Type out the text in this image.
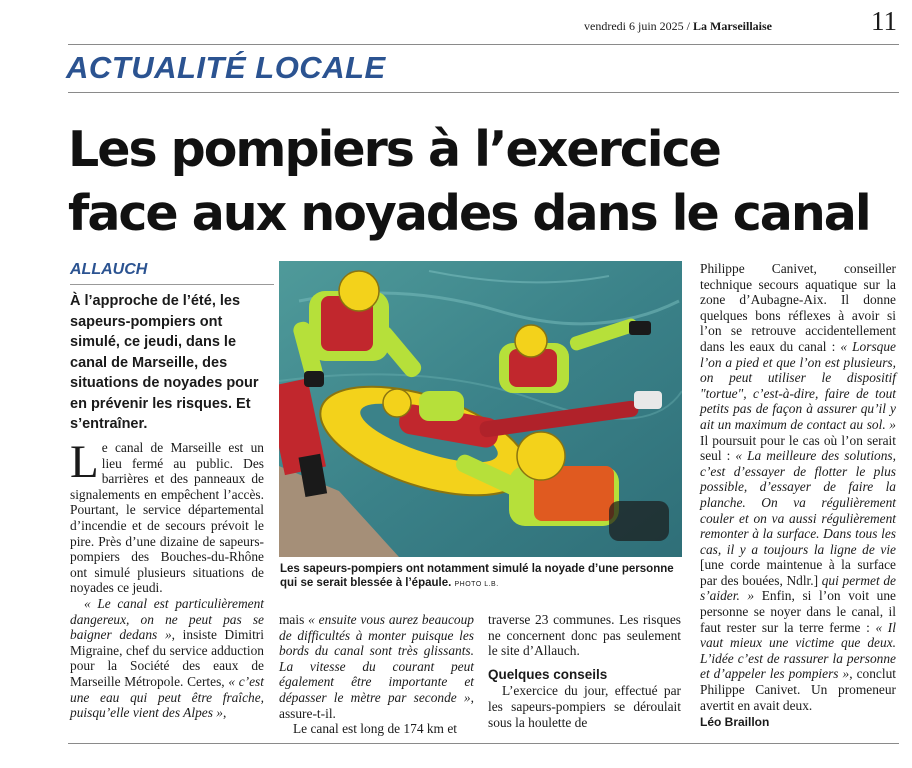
vendredi 6 juin 2025 / La Marseillaise	11
ACTUALITÉ LOCALE
Les pompiers à l’exercice
face aux noyades dans le canal
ALLAUCH
À l’approche de l’été, les sapeurs-pompiers ont simulé, ce jeudi, dans le canal de Marseille, des situations de noyades pour en prévenir les risques. Et s’entraîner.
Les sapeurs-pompiers ont notamment simulé la noyade d’une personne qui se serait blessée à l’épaule. PHOTO L.B.

Le canal de Marseille est un lieu fermé au public. Des barrières et des panneaux de signalements en empêchent l’accès. Pourtant, le service départemental d’incendie et de secours prévoit le pire. Près d’une dizaine de sapeurs-pompiers des Bouches-du-Rhône ont simulé plusieurs situations de noyades ce jeudi.

« Le canal est particulièrement dangereux, on ne peut pas se baigner dedans », insiste Dimitri Migraine, chef du service adduction pour la Société des eaux de Marseille Métropole. Certes, « c’est une eau qui peut être fraîche, puisqu’elle vient des Alpes »,

mais « ensuite vous aurez beaucoup de difficultés à monter puisque les bords du canal sont très glissants. La vitesse du courant peut également être importante et dépasser le mètre par seconde », assure-t-il.

Le canal est long de 174 km et

traverse 23 communes. Les risques ne concernent donc pas seulement le site d’Allauch.

Quelques conseils

L’exercice du jour, effectué par les sapeurs-pompiers se déroulait sous la houlette de

Philippe Canivet, conseiller technique secours aquatique sur la zone d’Aubagne-Aix. Il donne quelques bons réflexes à avoir si l’on se retrouve accidentellement dans les eaux du canal : « Lorsque l’on a pied et que l’on est plusieurs, on peut utiliser le dispositif "tortue", c’est-à-dire, faire de tout petits pas de façon à assurer qu’il y ait un maximum de contact au sol. » Il poursuit pour le cas où l’on serait seul : « La meilleure des solutions, c’est d’essayer de flotter le plus possible, d’essayer de faire la planche. On va régulièrement couler et on va aussi régulièrement remonter à la surface. Dans tous les cas, il y a toujours la ligne de vie [une corde maintenue à la surface par des bouées, Ndlr.] qui permet de s’aider. » Enfin, si l’on voit une personne se noyer dans le canal, il faut rester sur la terre ferme : « Il vaut mieux une victime que deux. L’idée c’est de rassurer la personne et d’appeler les pompiers », conclut Philippe Canivet. Un promeneur avertit en avait deux.

Léo Braillon
